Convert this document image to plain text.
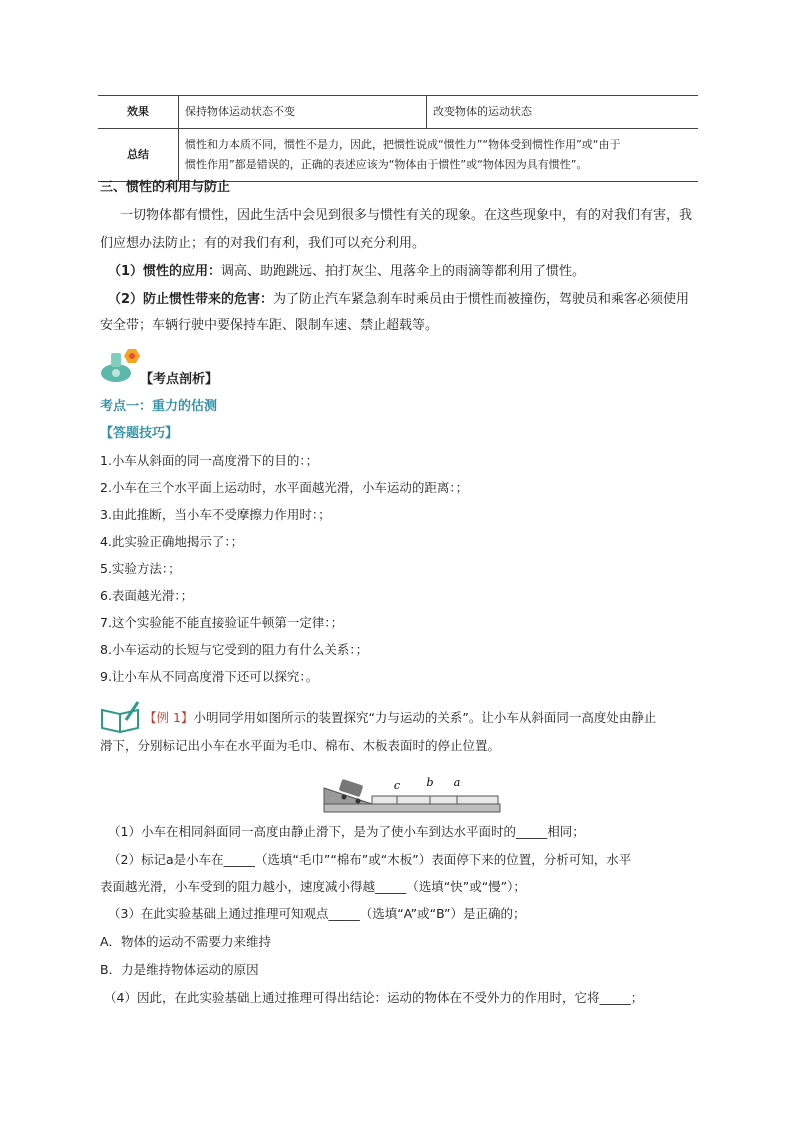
效果	保持物体运动状态不变	改变物体的运动状态
总结	惯性和力本质不同，惯性不是力，因此，把惯性说成“惯性力”“物体受到惯性作用”或“由于
惯性作用”都是错误的，正确的表述应该为“物体由于惯性”或“物体因为具有惯性”。	
三、惯性的利用与防止
一切物体都有惯性，因此生活中会见到很多与惯性有关的现象。在这些现象中，有的对我们有害，我
们应想办法防止；有的对我们有利，我们可以充分利用。
（1）惯性的应用：调高、助跑跳远、拍打灰尘、甩落伞上的雨滴等都利用了惯性。
（2）防止惯性带来的危害：为了防止汽车紧急刹车时乘员由于惯性而被撞伤，驾驶员和乘客必须使用
安全带；车辆行驶中要保持车距、限制车速、禁止超载等。
【考点剖析】
考点一：重力的估测
【答题技巧】
1.小车从斜面的同一高度滑下的目的：；
2.小车在三个水平面上运动时，水平面越光滑，小车运动的距离：；
3.由此推断，当小车不受摩擦力作用时：；
4.此实验正确地揭示了：；
5.实验方法：；
6.表面越光滑：；
7.这个实验能不能直接验证牛顿第一定律：；
8.小车运动的长短与它受到的阻力有什么关系：；
9.让小车从不同高度滑下还可以探究：。
【例 1】小明同学用如图所示的装置探究“力与运动的关系”。让小车从斜面同一高度处由静止
滑下，分别标记出小车在水平面为毛巾、棉布、木板表面时的停止位置。
c b a
（1）小车在相同斜面同一高度由静止滑下，是为了使小车到达水平面时的_____相同；
（2）标记a是小车在_____（选填“毛巾”“棉布”或“木板”）表面停下来的位置，分析可知，水平
表面越光滑，小车受到的阻力越小，速度减小得越_____（选填“快”或“慢”）；
（3）在此实验基础上通过推理可知观点_____（选填“A”或“B”）是正确的；
A．物体的运动不需要力来维持
B．力是维持物体运动的原因
（4）因此，在此实验基础上通过推理可得出结论：运动的物体在不受外力的作用时，它将_____；
